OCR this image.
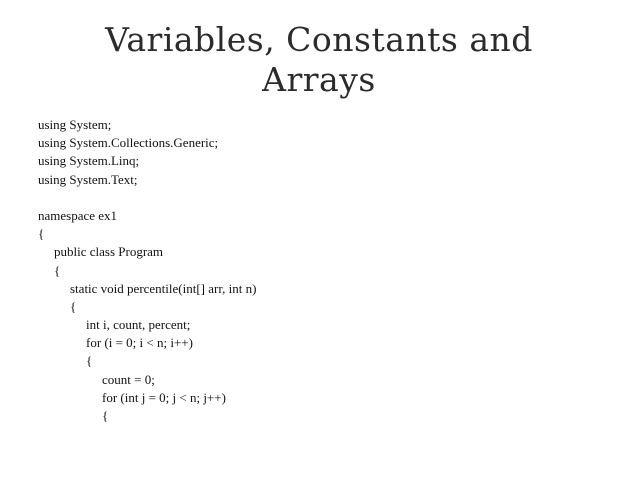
Variables, Constants and
Arrays
using System;
using System.Collections.Generic;
using System.Linq;
using System.Text;
namespace ex1
{
public class Program
{
static void percentile(int[] arr, int n)
{
int i, count, percent;
for (i = 0; i < n; i++)
{
count = 0;
for (int j = 0; j < n; j++)
{
